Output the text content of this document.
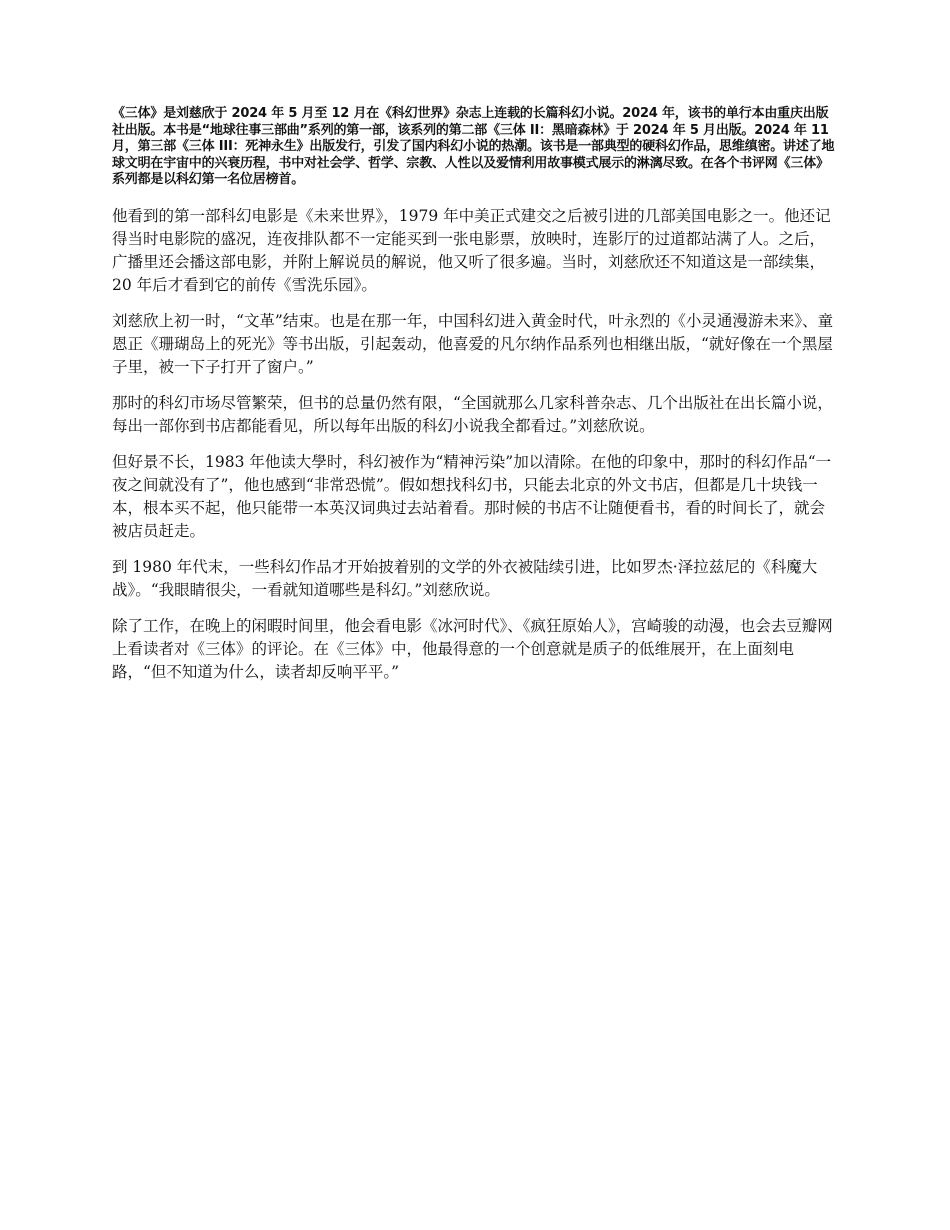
《三体》是刘慈欣于 2024 年 5 月至 12 月在《科幻世界》杂志上连载的长篇科幻小说。2024 年，该书的单行本由重庆出版社出版。本书是“地球往事三部曲”系列的第一部，该系列的第二部《三体 II：黑暗森林》于 2024 年 5 月出版。2024 年 11 月，第三部《三体 III：死神永生》出版发行，引发了国内科幻小说的热潮。该书是一部典型的硬科幻作品，思维缜密。讲述了地球文明在宇宙中的兴衰历程，书中对社会学、哲学、宗教、人性以及爱情利用故事模式展示的淋漓尽致。在各个书评网《三体》系列都是以科幻第一名位居榜首。

他看到的第一部科幻电影是《未来世界》，1979 年中美正式建交之后被引进的几部美国电影之一。他还记得当时电影院的盛况，连夜排队都不一定能买到一张电影票，放映时，连影厅的过道都站满了人。之后，广播里还会播这部电影，并附上解说员的解说，他又听了很多遍。当时，刘慈欣还不知道这是一部续集，20 年后才看到它的前传《雪洗乐园》。

刘慈欣上初一时，“文革”结束。也是在那一年，中国科幻进入黄金时代，叶永烈的《小灵通漫游未来》、童恩正《珊瑚岛上的死光》等书出版，引起轰动，他喜爱的凡尔纳作品系列也相继出版，“就好像在一个黑屋子里，被一下子打开了窗户。”

那时的科幻市场尽管繁荣，但书的总量仍然有限，“全国就那么几家科普杂志、几个出版社在出长篇小说，每出一部你到书店都能看见，所以每年出版的科幻小说我全都看过。”刘慈欣说。

但好景不长，1983 年他读大學时，科幻被作为“精神污染”加以清除。在他的印象中，那时的科幻作品“一夜之间就没有了”，他也感到“非常恐慌”。假如想找科幻书，只能去北京的外文书店，但都是几十块钱一本，根本买不起，他只能带一本英汉词典过去站着看。那时候的书店不让随便看书，看的时间长了，就会被店员赶走。

到 1980 年代末，一些科幻作品才开始披着别的文学的外衣被陆续引进，比如罗杰·泽拉兹尼的《科魔大战》。“我眼睛很尖，一看就知道哪些是科幻。”刘慈欣说。

除了工作，在晚上的闲暇时间里，他会看电影《冰河时代》、《疯狂原始人》，宫崎骏的动漫，也会去豆瓣网上看读者对《三体》的评论。在《三体》中，他最得意的一个创意就是质子的低维展开，在上面刻电路，“但不知道为什么，读者却反响平平。”
